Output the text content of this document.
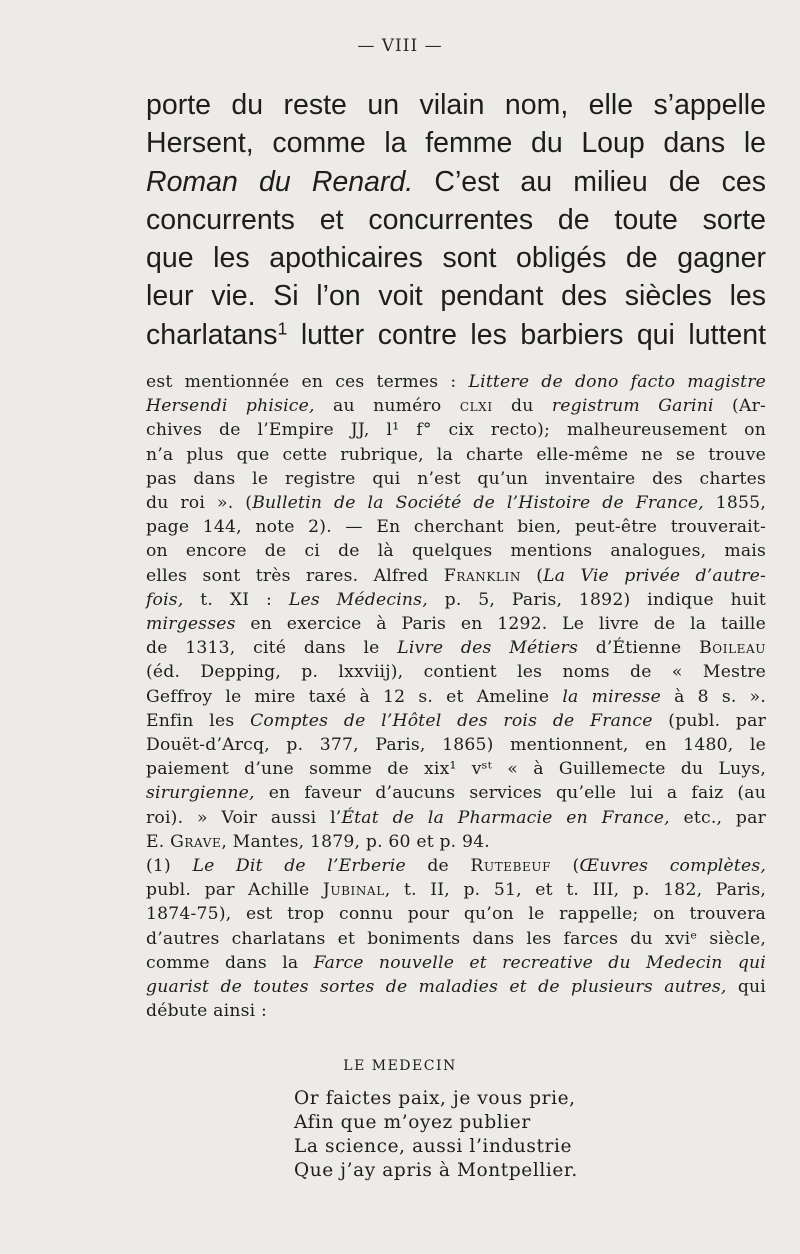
— VIII —
porte du reste un vilain nom, elle s’appelle
Hersent, comme la femme du Loup dans le
Roman du Renard. C’est au milieu de ces
concurrents et concurrentes de toute sorte
que les apothicaires sont obligés de gagner
leur vie. Si l’on voit pendant des siècles les
charlatans$^1$ lutter contre les barbiers qui luttent
est mentionnée en ces termes : Littere de dono facto magistre
Hersendi phisice, au numéro clxi du registrum Garini (Ar-
chives de l’Empire JJ, l¹ f° cix recto); malheureusement on
n’a plus que cette rubrique, la charte elle-même ne se trouve
pas dans le registre qui n’est qu’un inventaire des chartes
du roi ». (Bulletin de la Société de l’Histoire de France, 1855,
page 144, note 2). — En cherchant bien, peut-être trouverait-
on encore de ci de là quelques mentions analogues, mais
elles sont très rares. Alfred Franklin (La Vie privée d’autre-
fois, t. XI : Les Médecins, p. 5, Paris, 1892) indique huit
mirgesses en exercice à Paris en 1292. Le livre de la taille
de 1313, cité dans le Livre des Métiers d’Étienne Boileau
(éd. Depping, p. lxxviij), contient les noms de « Mestre
Geffroy le mire taxé à 12 s. et Ameline la miresse à 8 s. ».
Enfin les Comptes de l’Hôtel des rois de France (publ. par
Douët-d’Arcq, p. 377, Paris, 1865) mentionnent, en 1480, le
paiement d’une somme de xix¹ vˢᵗ « à Guillemecte du Luys,
sirurgienne, en faveur d’aucuns services qu’elle lui a faiz (au
roi). » Voir aussi l’État de la Pharmacie en France, etc., par
E. Grave, Mantes, 1879, p. 60 et p. 94.
(1) Le Dit de l’Erberie de Rutebeuf (Œuvres complètes,
publ. par Achille Jubinal, t. II, p. 51, et t. III, p. 182, Paris,
1874-75), est trop connu pour qu’on le rappelle; on trouvera
d’autres charlatans et boniments dans les farces du xviᵉ siècle,
comme dans la Farce nouvelle et recreative du Medecin qui
guarist de toutes sortes de maladies et de plusieurs autres, qui
débute ainsi :
LE MEDECIN
Or faictes paix, je vous prie,
Afin que m’oyez publier
La science, aussi l’industrie
Que j’ay apris à Montpellier.
